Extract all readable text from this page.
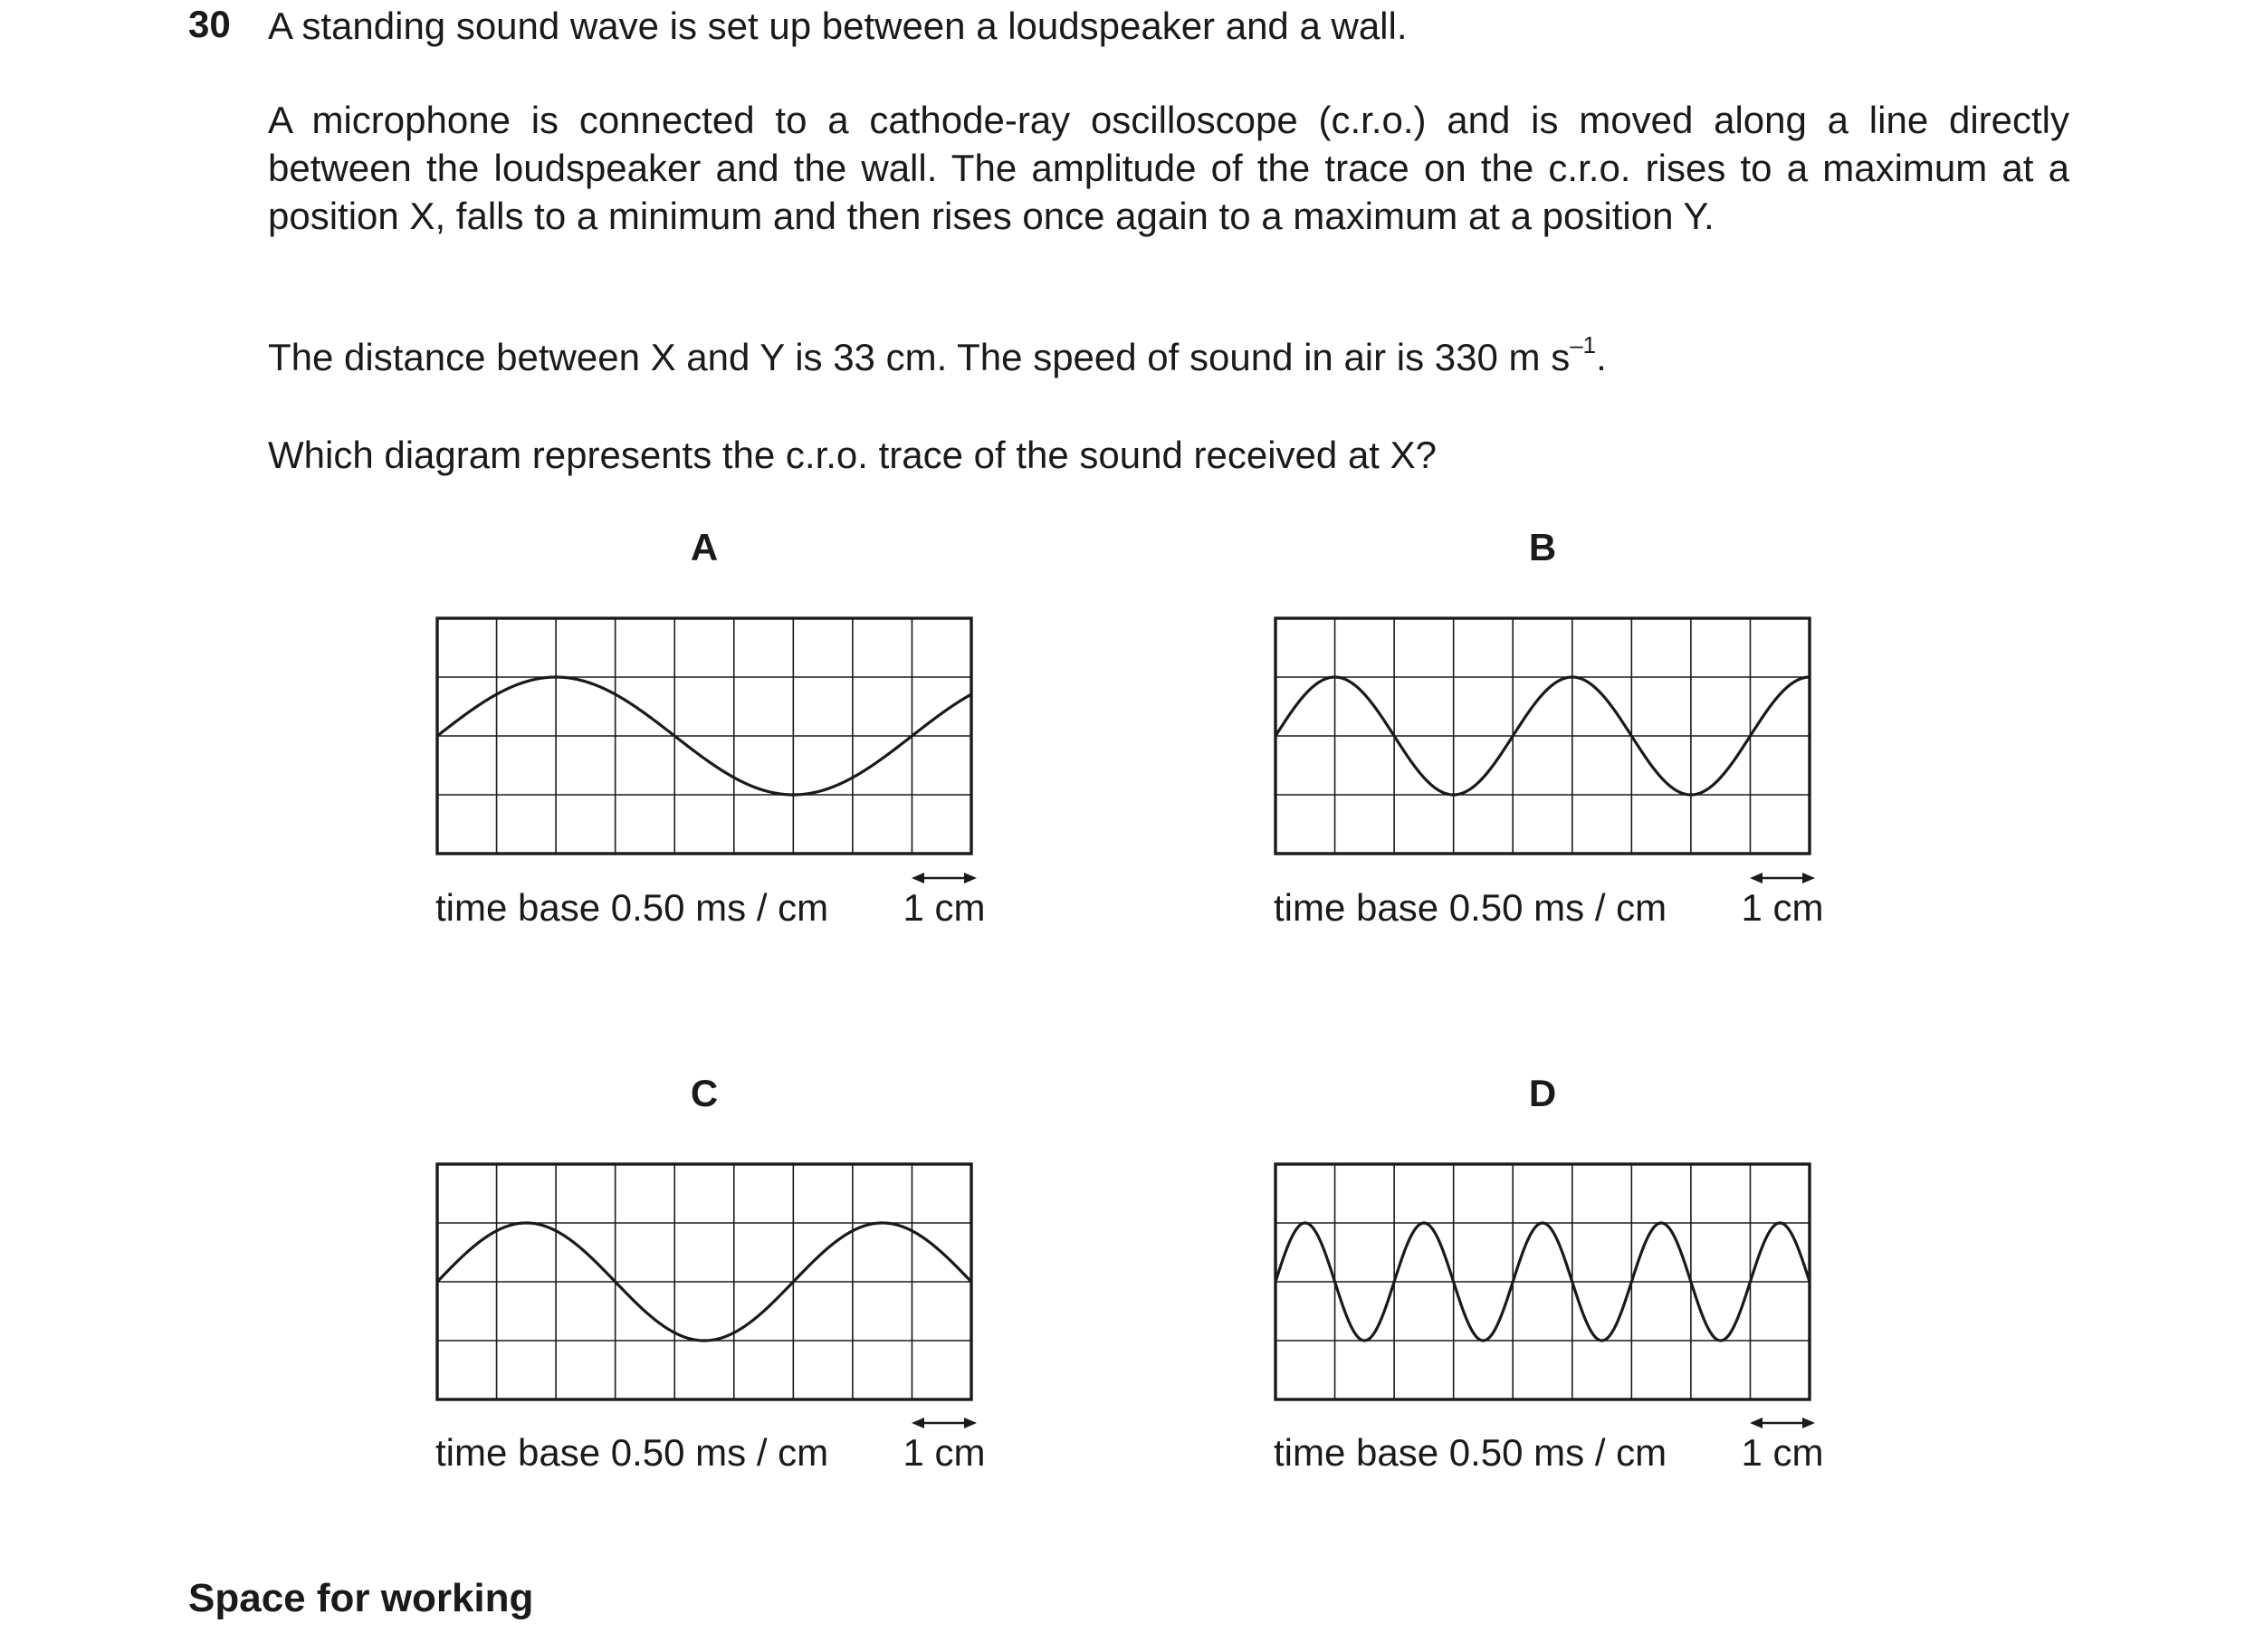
30 A standing sound wave is set up between a loudspeaker and a wall.

A microphone is connected to a cathode-ray oscilloscope (c.r.o.) and is moved along a line directly between the loudspeaker and the wall. The amplitude of the trace on the c.r.o. rises to a maximum at a position X, falls to a minimum and then rises once again to a maximum at a position Y.

The distance between X and Y is 33 cm. The speed of sound in air is 330 m $s^{-1}$.

Which diagram represents the c.r.o. trace of the sound received at X?

A
time base 0.50 ms / cm	1 cm
B
time base 0.50 ms / cm	1 cm
C
time base 0.50 ms / cm	1 cm
D
time base 0.50 ms / cm	1 cm
Space for working
